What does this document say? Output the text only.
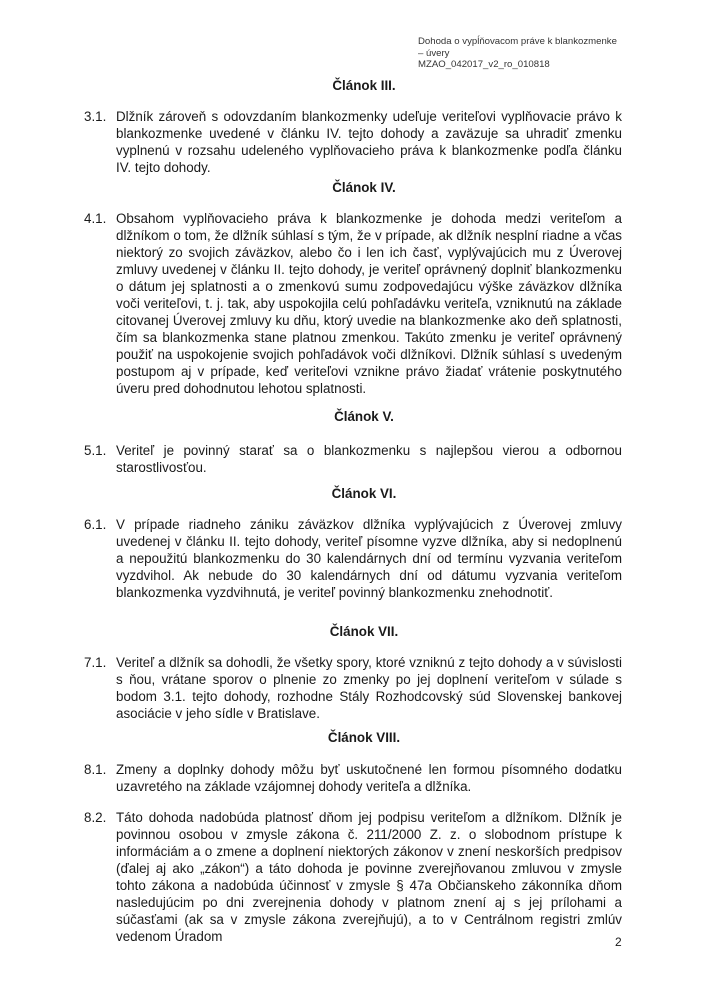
Dohoda o vypĺňovacom práve k blankozmenke
– úvery
MZAO_042017_v2_ro_010818
Článok III.
3.1. Dlžník zároveň s odovzdaním blankozmenky udeľuje veriteľovi vyplňovacie právo k blankozmenke uvedené v článku IV. tejto dohody a zaväzuje sa uhradiť zmenku vyplnenú v rozsahu udeleného vyplňovacieho práva k blankozmenke podľa článku IV. tejto dohody.
Článok IV.
4.1. Obsahom vyplňovacieho práva k blankozmenke je dohoda medzi veriteľom a dlžníkom o tom, že dlžník súhlasí s tým, že v prípade, ak dlžník nesplní riadne a včas niektorý zo svojich záväzkov, alebo čo i len ich časť, vyplývajúcich mu z Úverovej zmluvy uvedenej v článku II. tejto dohody, je veriteľ oprávnený doplniť blankozmenku o dátum jej splatnosti a o zmenkovú sumu zodpovedajúcu výške záväzkov dlžníka voči veriteľovi, t. j. tak, aby uspokojila celú pohľadávku veriteľa, vzniknutú na základe citovanej Úverovej zmluvy ku dňu, ktorý uvedie na blankozmenke ako deň splatnosti, čím sa blankozmenka stane platnou zmenkou. Takúto zmenku je veriteľ oprávnený použiť na uspokojenie svojich pohľadávok voči dlžníkovi. Dlžník súhlasí s uvedeným postupom aj v prípade, keď veriteľovi vznikne právo žiadať vrátenie poskytnutého úveru pred dohodnutou lehotou splatnosti.
Článok V.
5.1. Veriteľ je povinný starať sa o blankozmenku s najlepšou vierou a odbornou starostlivosťou.
Článok VI.
6.1. V prípade riadneho zániku záväzkov dlžníka vyplývajúcich z Úverovej zmluvy uvedenej v článku II. tejto dohody, veriteľ písomne vyzve dlžníka, aby si nedoplnenú a nepoužitú blankozmenku do 30 kalendárnych dní od termínu vyzvania veriteľom vyzdvihol. Ak nebude do 30 kalendárnych dní od dátumu vyzvania veriteľom blankozmenka vyzdvihnutá, je veriteľ povinný blankozmenku znehodnotiť.
Článok VII.
7.1. Veriteľ a dlžník sa dohodli, že všetky spory, ktoré vzniknú z tejto dohody a v súvislosti s ňou, vrátane sporov o plnenie zo zmenky po jej doplnení veriteľom v súlade s bodom 3.1. tejto dohody, rozhodne Stály Rozhodcovský súd Slovenskej bankovej asociácie v jeho sídle v Bratislave.
Článok VIII.
8.1. Zmeny a doplnky dohody môžu byť uskutočnené len formou písomného dodatku uzavretého na základe vzájomnej dohody veriteľa a dlžníka.
8.2. Táto dohoda nadobúda platnosť dňom jej podpisu veriteľom a dlžníkom. Dlžník je povinnou osobou v zmysle zákona č. 211/2000 Z. z. o slobodnom prístupe k informáciám a o zmene a doplnení niektorých zákonov v znení neskorších predpisov (ďalej aj ako „zákon“) a táto dohoda je povinne zverejňovanou zmluvou v zmysle tohto zákona a nadobúda účinnosť v zmysle § 47a Občianskeho zákonníka dňom nasledujúcim po dni zverejnenia dohody v platnom znení aj s jej prílohami a súčasťami (ak sa v zmysle zákona zverejňujú), a to v Centrálnom registri zmlúv vedenom Úradom	2
